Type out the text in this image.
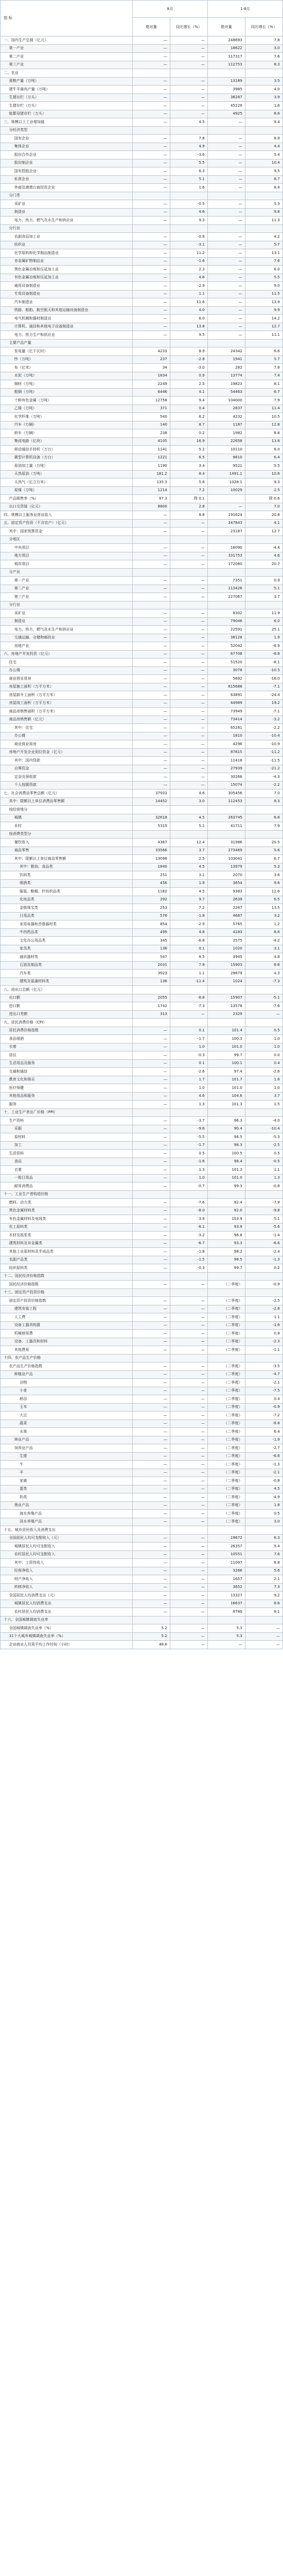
指 标	8月		1-8月	
	绝对量	同比增长（%）	绝对量	同比增长（%）
一、国内生产总值（亿元）	—	—	248693	7.8
第一产业	—	—	18622	3.0
第二产业	—	—	117317	7.6
第三产业	—	—	112753	8.3
二、农业				
夏粮产量（万吨）	—	—	13189	3.5
猪牛羊禽肉产量（万吨）	—	—	3985	4.0
生猪出栏（万头）	—	—	36287	3.9
生猪存栏（万头）	—	—	45229	1.6
能繁母猪存栏（万头）	—	—	4925	8.6
三、规模以上工业增加值	—	4.5	—	9.4
分经济类型				
国有企业	—	7.8	—	8.9
集体企业	—	4.9	—	4.4
股份合作企业	—	-3.6	—	5.4
股份制企业	—	5.5	—	10.4
国有控股企业	—	6.3	—	9.5
私营企业	—	5.1	—	8.7
外商及港澳台商投资企业	—	1.6	—	8.4
分门类				
采矿业	—	-0.5	—	5.3
制造业	—	4.6	—	9.8
电力、热力、燃气及水生产和供应业	—	9.3	—	11.3
分行业				
农副食品加工业	—	-0.8	—	4.2
纺织业	—	-3.1	—	5.7
化学原料和化学制品制造业	—	11.2	—	13.1
非金属矿物制品业	—	-1.6	—	7.6
黑色金属冶炼和压延加工业	—	2.3	—	6.0
有色金属冶炼和压延加工业	—	4.6	—	5.5
通用设备制造业	—	-2.9	—	9.0
专用设备制造业	—	1.1	—	11.5
汽车制造业	—	11.6	—	13.9
铁路、船舶、航空航天和其他运输设备制造业	—	4.0	—	9.9
电气机械和器材制造业	—	6.0	—	14.2
计算机、通信和其他电子设备制造业	—	13.8	—	12.7
电力、热力生产和供应业	—	9.5	—	11.1
主要产品产量				
发电量（亿千瓦时）	4233	8.9	24342	6.6
纱（万吨）	237	-2.8	1941	5.7
布（亿米）	34	-3.0	282	7.8
水泥（万吨）	1834	0.9	13774	7.4
钢材（万吨）	2249	2.5	19823	8.1
粗钢（万吨）	6446	4.1	54463	6.7
十种有色金属（万吨）	12758	9.4	104000	7.9
乙烯（万吨）	371	0.4	2837	11.4
化学纤维（万吨）	540	6.2	4232	10.5
汽车（万辆）	140	8.7	1187	12.8
轿车（万辆）	238	0.2	1982	8.8
集成电路（亿块）	4105	16.9	22658	13.6
移动通信手持机（万台）	1141	5.2	10110	6.0
微型计算机设备（万台）	1221	6.5	9810	6.4
原油加工量（万吨）	1190	3.4	9521	5.5
天然原油（万吨）	181.2	8.4	1491.1	10.6
天然气（亿立方米）	135.3	5.6	1028.1	9.3
原煤（万吨）	1214	7.2	10029	2.5
产品销售率（%）	97.3	降 0.1		降 0.6
出口交货值（亿元）	8800	2.8	—	7.0
四、规模以上服务业营业收入	—	8.8	191624	20.8
五、固定资产投资（不含农户）（亿元）	—	—	347843	4.1
其中：国家预算资金	—	—	23187	12.7
分地区				
中央项目	—	—	16090	-4.4
地方项目	—	—	331753	4.6
城市项目	—	—	172080	20.7
分产业				
第一产业	—	—	7351	0.9
第二产业	—	—	113426	5.1
第三产业	—	—	227067	3.7
分行业				
采矿业	—	—	8302	11.9
制造业	—	—	79046	6.0
电力、热力、燃气及水生产和供应业	—	—	22591	25.1
交通运输、仓储和邮政业	—	—	38128	1.9
房地产业	—	—	52042	-8.9
六、房地产开发投资（亿元）	—	—	67708	-8.8
住宅	—	—	51520	-8.1
办公楼	—	—	3078	-10.5
商业营业用房	—	—	5692	-16.0
房屋施工面积（万平方米）	—	—	815688	-7.1
房屋新开工面积（万平方米）	—	—	63891	-24.4
房屋竣工面积（万平方米）	—	—	44989	19.2
商品房销售面积（万平方米）	—	—	73949	-7.1
商品房销售额（亿元）	—	—	73414	-3.2
其中：住宅	—	—	65281	-2.2
办公楼	—	—	1810	-10.4
商业营业用房	—	—	4296	-10.9
房地产开发企业到位资金（亿元）	—	—	87815	-11.2
其中：国内贷款	—	—	11418	-11.5
自筹资金	—	—	27939	-21.2
定金及预收款	—	—	30268	-4.3
个人按揭贷款	—	—	15074	-2.2
七、社会消费品零售总额（亿元）	37933	4.6	305456	7.0
其中：限额以上单位消费品零售额	14452	3.0	112453	8.3
按经营地分				
城镇	32618	4.5	263745	6.8
乡村	5315	5.1	41711	7.9
按消费类型分				
餐饮收入	4367	12.4	31986	20.5
商品零售	33566	3.7	273469	5.6
其中：限额以上单位商品零售额	13096	2.5	103041	6.7
其中：粮油、食品类	1840	4.5	13979	5.3
饮料类	251	3.1	2070	3.6
烟酒类	456	1.9	3654	9.6
服装、鞋帽、针纺织品类	1182	4.5	9383	12.6
化妆品类	292	9.7	2639	6.5
金银珠宝类	253	7.2	2267	13.5
日用品类	576	-1.8	4687	3.2
家用电器和音像器材类	854	-2.9	5765	1.2
中西药品类	499	4.8	4183	8.6
文化办公用品类	345	-6.8	2575	-4.2
家具类	136	0.1	1020	3.1
通讯器材类	547	8.5	3945	4.8
石油及制品类	2031	7.8	15903	8.6
汽车类	3923	1.1	29879	4.3
建筑及装潢材料类	136	-11.4	1024	-7.3
八、进出口总额（亿元）				
出口额	2055	-8.8	15907	-5.1
进口额	1742	-7.3	13578	-7.6
进出口差额	313	—	2329	—
九、居民消费价格（CPI）				
居民消费价格指数	—	0.1	101.4	0.5
食品烟酒	—	-1.7	100.3	1.0
衣着	—	1.0	101.0	1.0
居住	—	-0.3	99.7	0.0
生活用品及服务	—	0.1	100.1	0.4
交通和通信	—	-2.6	97.4	-2.6
教育文化和娱乐	—	1.7	101.7	1.6
医疗保健	—	1.0	101.0	1.0
其他用品和服务	—	4.6	104.6	3.7
服务	—	1.3	101.3	1.5
十、工业生产者出厂价格（PPI）				
生产资料	—	-3.7	96.3	-4.0
采掘	—	-9.6	90.4	-10.4
原材料	—	-5.5	94.5	-5.3
加工	—	-1.7	98.3	-2.5
生活资料	—	0.5	100.5	0.5
食品	—	-1.6	98.4	-0.5
衣着	—	1.3	101.3	1.1
一般日用品	—	1.0	101.0	1.3
耐用消费品	—	-0.7	99.3	-0.8
十一、工业生产者购进价格				
燃料、动力类	—	-7.6	92.4	-7.9
黑色金属材料类	—	-8.0	92.0	-9.8
有色金属材料及电线类	—	3.9	103.9	5.1
化工原料类	—	-6.1	93.9	-5.6
木材及纸浆类	—	-3.2	96.8	-1.4
建筑材料及非金属类	—	-6.7	93.3	-6.6
其他工业原材料及半成品类	—	-1.8	98.2	-2.4
农副产品类	—	-1.5	98.5	-1.3
纺织原料类	—	-0.3	99.7	0.2
十二、国民经济价格指数				
国民经济价格指数	—	—	（二季度）	-0.9
十三、固定资产投资价格				
固定资产投资价格指数	—	—	（二季度）	-2.5
建筑安装工程	—	—	（二季度）	-2.8
人工费	—	—	（二季度）	1.1
设备工器具购置	—	—	（二季度）	-1.6
机械使用费	—	—	（二季度）	0.9
设备、工器具和材料	—	—	（二季度）	-2.3
其他费用	—	—	（二季度）	-1.1
十四、农产品生产价格				
农产品生产价格指数	—	—	（二季度）	-3.5
种植业产品	—	—	（二季度）	-4.7
谷物	—	—	（二季度）	-2.1
小麦	—	—	（二季度）	-7.5
稻谷	—	—	（二季度）	0.4
玉米	—	—	（二季度）	-0.9
大豆	—	—	（二季度）	-7.2
蔬菜	—	—	（二季度）	-8.8
水果	—	—	（二季度）	6.4
林业产品	—	—	（二季度）	-1.9
饲养业产品	—	—	（二季度）	-2.7
生猪	—	—	（二季度）	-6.6
牛	—	—	（二季度）	-1.3
羊	—	—	（二季度）	-2.1
家禽	—	—	（二季度）	-0.8
蛋类	—	—	（二季度）	4.5
奶类	—	—	（二季度）	-4.9
渔业产品	—	—	（二季度）	1.8
海水养殖产品	—	—	（二季度）	0.5
淡水养殖产品	—	—	（二季度）	3.0
十五、城乡居民收入及消费支出				
全国居民人均可支配收入（元）	—	—	19672	6.3
城镇居民人均可支配收入	—	—	26357	5.4
农村居民人均可支配收入	—	—	10551	7.6
其中：工资性收入	—	—	11097	6.8
经营净收入	—	—	3266	5.6
财产净收入	—	—	1657	2.1
转移净收入	—	—	3652	7.3
全国居民人均消费支出（元）	—	—	13327	9.2
城镇居民人均消费支出	—	—	16637	8.6
农村居民人均消费支出	—	—	8789	9.1
十六、全国城镇调查失业率				
全国城镇调查失业率（%）	5.2	—	5.3	—
31个大城市城镇调查失业率（%）	5.2	—	5.3	—
企业就业人员周平均工作时间（小时）	48.6	—	—	—
